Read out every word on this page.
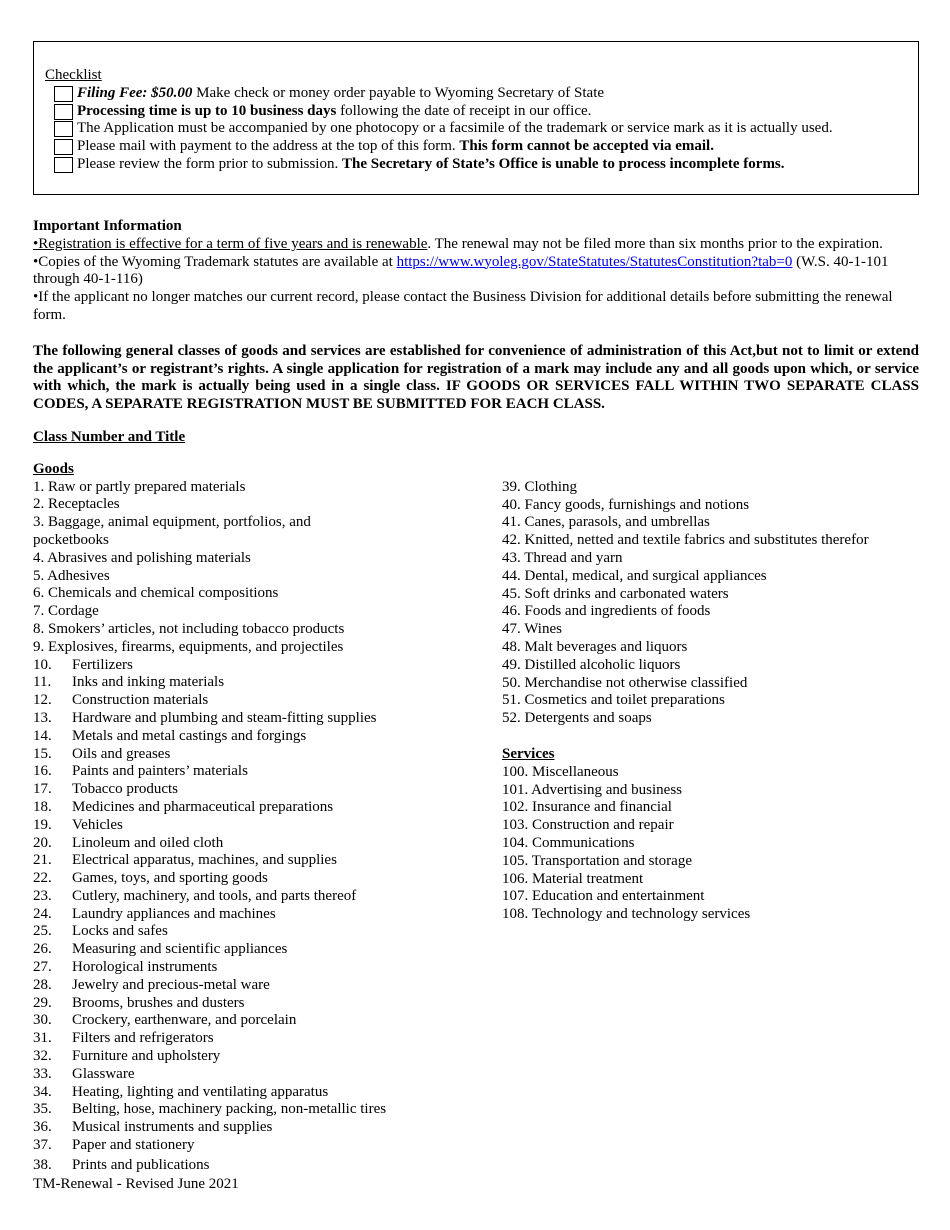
Checklist
Filing Fee: $50.00 Make check or money order payable to Wyoming Secretary of State
Processing time is up to 10 business days following the date of receipt in our office.
The Application must be accompanied by one photocopy or a facsimile of the trademark or service mark as it is actually used.
Please mail with payment to the address at the top of this form. This form cannot be accepted via email.
Please review the form prior to submission. The Secretary of State’s Office is unable to process incomplete forms.
Important Information
•Registration is effective for a term of five years and is renewable. The renewal may not be filed more than six months prior to the expiration.
•Copies of the Wyoming Trademark statutes are available at https://www.wyoleg.gov/StateStatutes/StatutesConstitution?tab=0 (W.S. 40-1-101 through 40-1-116)
•If the applicant no longer matches our current record, please contact the Business Division for additional details before submitting the renewal form.
The following general classes of goods and services are established for convenience of administration of this Act,but not to limit or extend the applicant’s or registrant’s rights. A single application for registration of a mark may include any and all goods upon which, or service with which, the mark is actually being used in a single class. IF GOODS OR SERVICES FALL WITHIN TWO SEPARATE CLASS CODES, A SEPARATE REGISTRATION MUST BE SUBMITTED FOR EACH CLASS.
Class Number and Title
Goods
1. Raw or partly prepared materials
2. Receptacles
3. Baggage, animal equipment, portfolios, and pocketbooks
4. Abrasives and polishing materials
5. Adhesives
6. Chemicals and chemical compositions
7. Cordage
8. Smokers’ articles, not including tobacco products
9. Explosives, firearms, equipments, and projectiles
10. Fertilizers
11. Inks and inking materials
12. Construction materials
13. Hardware and plumbing and steam-fitting supplies
14. Metals and metal castings and forgings
15. Oils and greases
16. Paints and painters’ materials
17. Tobacco products
18. Medicines and pharmaceutical preparations
19. Vehicles
20. Linoleum and oiled cloth
21. Electrical apparatus, machines, and supplies
22. Games, toys, and sporting goods
23. Cutlery, machinery, and tools, and parts thereof
24. Laundry appliances and machines
25. Locks and safes
26. Measuring and scientific appliances
27. Horological instruments
28. Jewelry and precious-metal ware
29. Brooms, brushes and dusters
30. Crockery, earthenware, and porcelain
31. Filters and refrigerators
32. Furniture and upholstery
33. Glassware
34. Heating, lighting and ventilating apparatus
35. Belting, hose, machinery packing, non-metallic tires
36. Musical instruments and supplies
37. Paper and stationery
38. Prints and publications
39. Clothing
40. Fancy goods, furnishings and notions
41. Canes, parasols, and umbrellas
42. Knitted, netted and textile fabrics and substitutes therefor
43. Thread and yarn
44. Dental, medical, and surgical appliances
45. Soft drinks and carbonated waters
46. Foods and ingredients of foods
47. Wines
48. Malt beverages and liquors
49. Distilled alcoholic liquors
50. Merchandise not otherwise classified
51. Cosmetics and toilet preparations
52. Detergents and soaps
Services
100. Miscellaneous
101. Advertising and business
102. Insurance and financial
103. Construction and repair
104. Communications
105. Transportation and storage
106. Material treatment
107. Education and entertainment
108. Technology and technology services
TM-Renewal - Revised June 2021
